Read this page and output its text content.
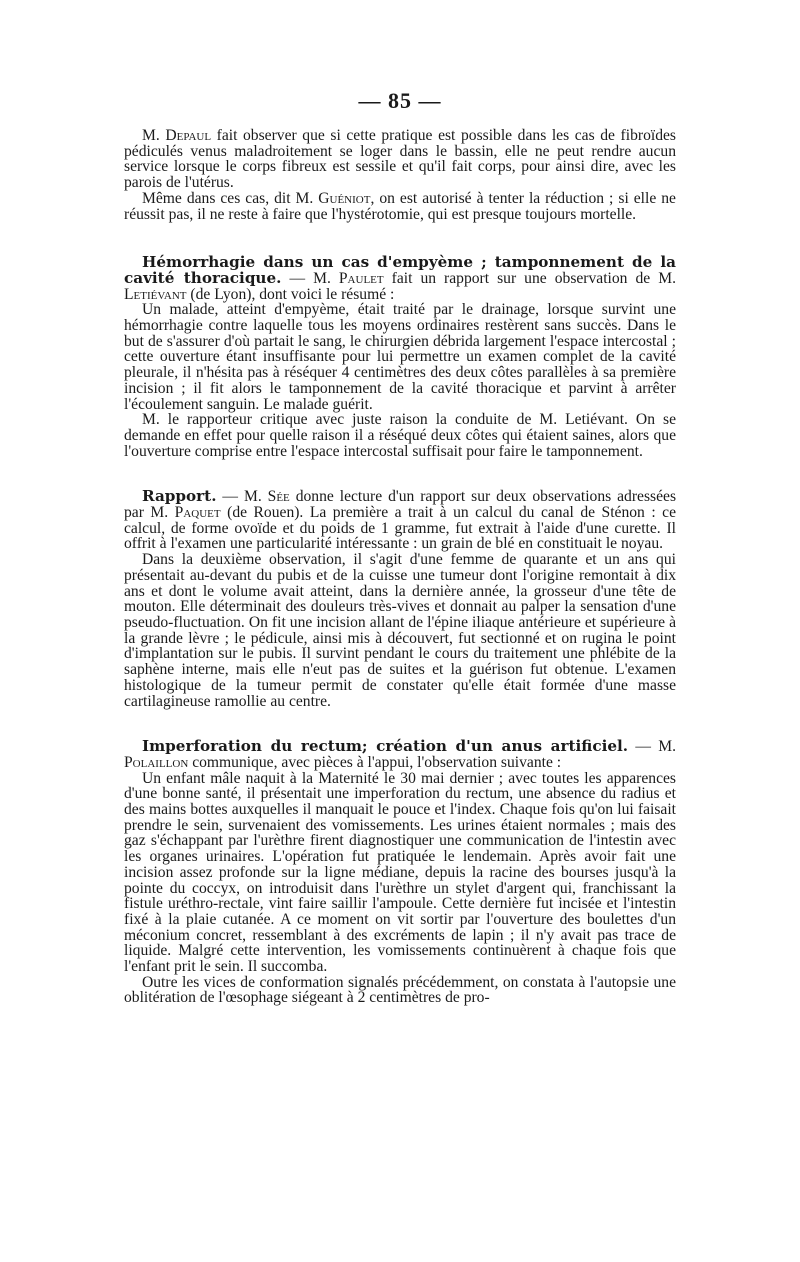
— 85 —

M. Depaul fait observer que si cette pratique est possible dans les cas de fibroïdes pédiculés venus maladroitement se loger dans le bassin, elle ne peut rendre aucun service lorsque le corps fibreux est sessile et qu'il fait corps, pour ainsi dire, avec les parois de l'utérus.

Même dans ces cas, dit M. Guéniot, on est autorisé à tenter la réduction ; si elle ne réussit pas, il ne reste à faire que l'hystérotomie, qui est presque toujours mortelle.

Hémorrhagie dans un cas d'empyème ; tamponnement de la cavité thoracique. — M. Paulet fait un rapport sur une observation de M. Letiévant (de Lyon), dont voici le résumé :

Un malade, atteint d'empyème, était traité par le drainage, lorsque survint une hémorrhagie contre laquelle tous les moyens ordinaires restèrent sans succès. Dans le but de s'assurer d'où partait le sang, le chirurgien débrida largement l'espace intercostal ; cette ouverture étant insuffisante pour lui permettre un examen complet de la cavité pleurale, il n'hésita pas à réséquer 4 centimètres des deux côtes parallèles à sa première incision ; il fit alors le tamponnement de la cavité thoracique et parvint à arrêter l'écoulement sanguin. Le malade guérit.

M. le rapporteur critique avec juste raison la conduite de M. Letiévant. On se demande en effet pour quelle raison il a réséqué deux côtes qui étaient saines, alors que l'ouverture comprise entre l'espace intercostal suffisait pour faire le tamponnement.

Rapport. — M. Sée donne lecture d'un rapport sur deux observations adressées par M. Paquet (de Rouen). La première a trait à un calcul du canal de Sténon : ce calcul, de forme ovoïde et du poids de 1 gramme, fut extrait à l'aide d'une curette. Il offrit à l'examen une particularité intéressante : un grain de blé en constituait le noyau.

Dans la deuxième observation, il s'agit d'une femme de quarante et un ans qui présentait au-devant du pubis et de la cuisse une tumeur dont l'origine remontait à dix ans et dont le volume avait atteint, dans la dernière année, la grosseur d'une tête de mouton. Elle déterminait des douleurs très-vives et donnait au palper la sensation d'une pseudo-fluctuation. On fit une incision allant de l'épine iliaque antérieure et supérieure à la grande lèvre ; le pédicule, ainsi mis à découvert, fut sectionné et on rugina le point d'implantation sur le pubis. Il survint pendant le cours du traitement une phlébite de la saphène interne, mais elle n'eut pas de suites et la guérison fut obtenue. L'examen histologique de la tumeur permit de constater qu'elle était formée d'une masse cartilagineuse ramollie au centre.

Imperforation du rectum; création d'un anus artificiel. — M. Polaillon communique, avec pièces à l'appui, l'observation suivante :

Un enfant mâle naquit à la Maternité le 30 mai dernier ; avec toutes les apparences d'une bonne santé, il présentait une imperforation du rectum, une absence du radius et des mains bottes auxquelles il manquait le pouce et l'index. Chaque fois qu'on lui faisait prendre le sein, survenaient des vomissements. Les urines étaient normales ; mais des gaz s'échappant par l'urèthre firent diagnostiquer une communication de l'intestin avec les organes urinaires. L'opération fut pratiquée le lendemain. Après avoir fait une incision assez profonde sur la ligne médiane, depuis la racine des bourses jusqu'à la pointe du coccyx, on introduisit dans l'urèthre un stylet d'argent qui, franchissant la fistule uréthro-rectale, vint faire saillir l'ampoule. Cette dernière fut incisée et l'intestin fixé à la plaie cutanée. A ce moment on vit sortir par l'ouverture des boulettes d'un méconium concret, ressemblant à des excréments de lapin ; il n'y avait pas trace de liquide. Malgré cette intervention, les vomissements continuèrent à chaque fois que l'enfant prit le sein. Il succomba.

Outre les vices de conformation signalés précédemment, on constata à l'autopsie une oblitération de l'œsophage siégeant à 2 centimètres de pro-
